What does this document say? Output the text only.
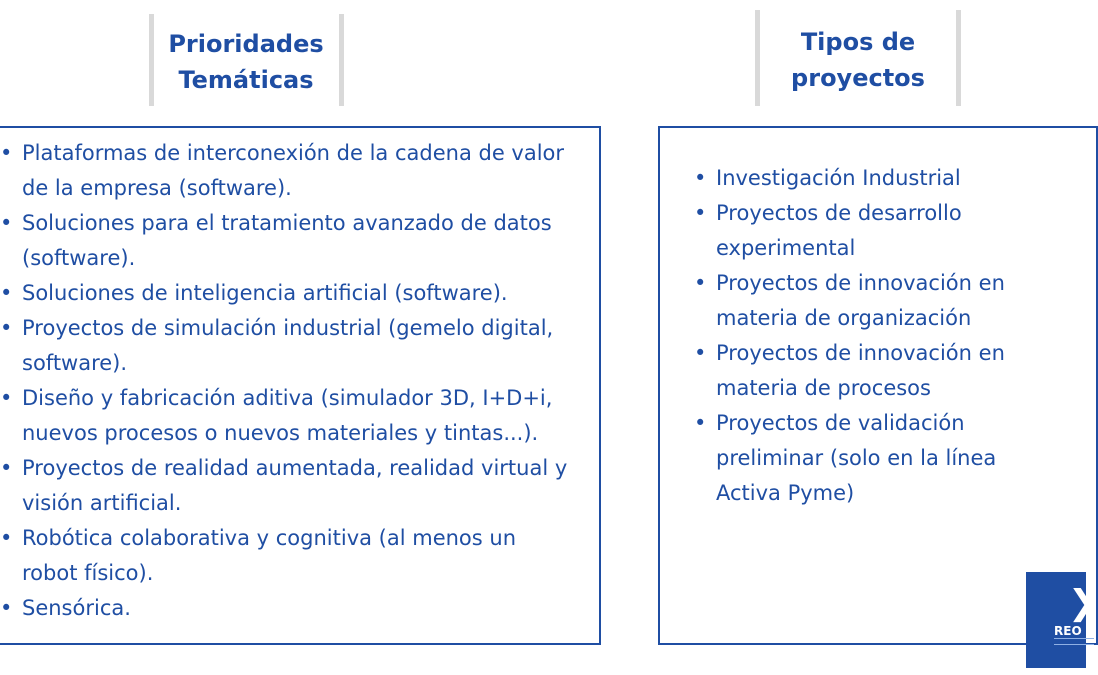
Prioridades
Temáticas
Tipos de
proyectos
• Plataformas de interconexión de la cadena de valor de la empresa (software).
• Soluciones para el tratamiento avanzado de datos (software).
• Soluciones de inteligencia artificial (software).
• Proyectos de simulación industrial (gemelo digital, software).
• Diseño y fabricación aditiva (simulador 3D, I+D+i, nuevos procesos o nuevos materiales y tintas...).
• Proyectos de realidad aumentada, realidad virtual y visión artificial.
• Robótica colaborativa y cognitiva (al menos un robot físico).
• Sensórica.
• Investigación Industrial
• Proyectos de desarrollo experimental
• Proyectos de innovación en materia de organización
• Proyectos de innovación en materia de procesos
• Proyectos de validación preliminar (solo en la línea Activa Pyme)
❯
REO
